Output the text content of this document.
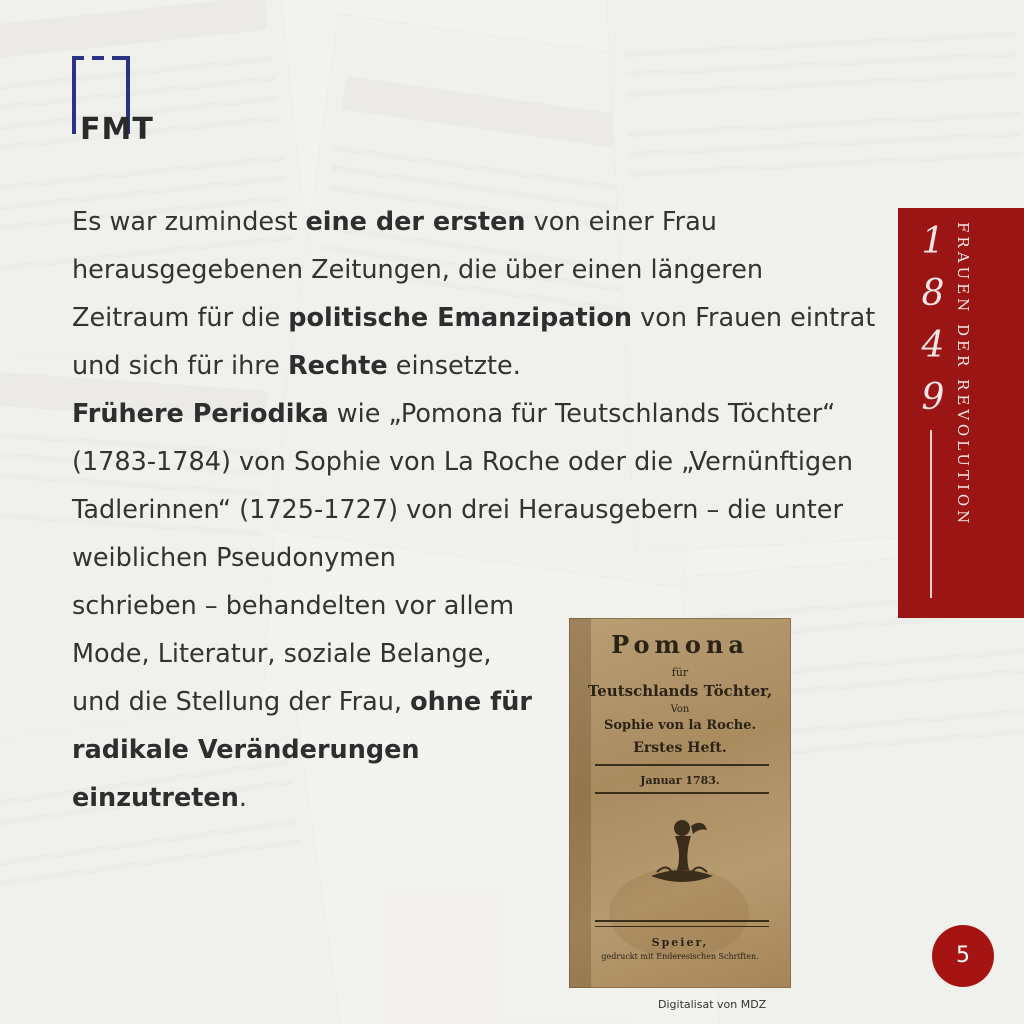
FMT

Es war zumindest eine der ersten von einer Frau herausgegebenen Zeitungen, die über einen längeren Zeitraum für die politische Emanzipation von Frauen eintrat und sich für ihre Rechte einsetzte.

Frühere Periodika wie „Pomona für Teutschlands Töchter“ (1783-1784) von Sophie von La Roche oder die „Vernünftigen Tadlerinnen“ (1725-1727) von drei Herausgebern – die unter weiblichen Pseudonymen

schrieben – behandelten vor allem Mode, Literatur, soziale Belange, und die Stellung der Frau, ohne für radikale Veränderungen einzutreten.

1
8
4
9 FRAUEN DER REVOLUTION
Pomona
für
Teutschlands Töchter,
Von
Sophie von la Roche.
Erstes Heft.
Januar 1783.
Speier,
gedruckt mit Enderesischen Schriften.
Digitalisat von MDZ
5
